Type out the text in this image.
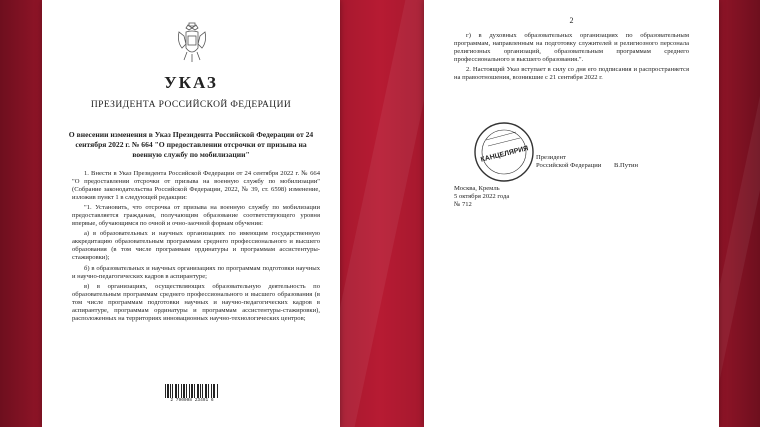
УКАЗ
ПРЕЗИДЕНТА РОССИЙСКОЙ ФЕДЕРАЦИИ
О внесении изменения в Указ Президента Российской Федерации от 24 сентября 2022 г. № 664 "О предоставлении отсрочки от призыва на военную службу по мобилизации"

1. Внести в Указ Президента Российской Федерации от 24 сентября 2022 г. № 664 "О предоставлении отсрочки от призыва на военную службу по мобилизации" (Собрание законодательства Российской Федерации, 2022, № 39, ст. 6598) изменение, изложив пункт 1 в следующей редакции:

"1. Установить, что отсрочка от призыва на военную службу по мобилизации предоставляется гражданам, получающим образование соответствующего уровня впервые, обучающимся по очной и очно-заочной формам обучения:

а) в образовательных и научных организациях по имеющим государственную аккредитацию образовательным программам среднего профессионального и высшего образования (в том числе программам ординатуры и программам ассистентуры-стажировки);

б) в образовательных и научных организациях по программам подготовки научных и научно-педагогических кадров в аспирантуре;

в) в организациях, осуществляющих образовательную деятельность по образовательным программам среднего профессионального и высшего образования (в том числе программам подготовки научных и научно-педагогических кадров в аспирантуре, программам ординатуры и программам ассистентуры-стажировки), расположенных на территориях инновационных научно-технологических центров;

2 790008 23491 6
2

г) в духовных образовательных организациях по образовательным программам, направленным на подготовку служителей и религиозного персонала религиозных организаций, образовательным программам среднего профессионального и высшего образования.".

2. Настоящий Указ вступает в силу со дня его подписания и распространяется на правоотношения, возникшие с 21 сентября 2022 г.

КАНЦЕЛЯРИЯ Президент
Российской Федерации В.Путин
Москва, Кремль
5 октября 2022 года
№ 712
